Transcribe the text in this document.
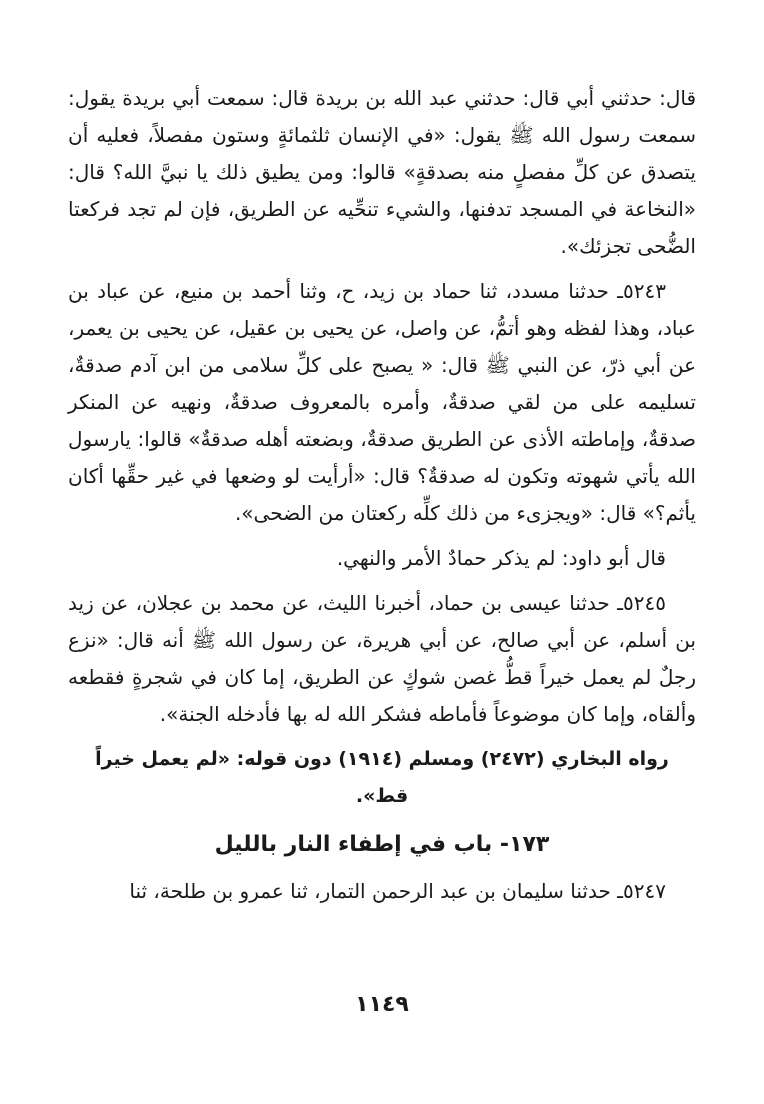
قال: حدثني أبي قال: حدثني عبد الله بن بريدة قال: سمعت أبي بريدة يقول: سمعت رسول الله ﷺ يقول: «في الإنسان ثلثمائةٍ وستون مفصلاً، فعليه أن يتصدق عن كلِّ مفصلٍ منه بصدقةٍ» قالوا: ومن يطيق ذلك يا نبيَّ الله؟ قال: «النخاعة في المسجد تدفنها، والشيء تنحِّيه عن الطريق، فإن لم تجد فركعتا الضُّحى تجزئك».

٥٢٤٣ـ حدثنا مسدد، ثنا حماد بن زيد، ح، وثنا أحمد بن منيع، عن عباد بن عباد، وهذا لفظه وهو أتمُّ، عن واصل، عن يحيى بن عقيل، عن يحيى بن يعمر، عن أبي ذرّ، عن النبي ﷺ قال: « يصبح على كلِّ سلامى من ابن آدم صدقةٌ، تسليمه على من لقي صدقةٌ، وأمره بالمعروف صدقةٌ، ونهيه عن المنكر صدقةٌ، وإماطته الأذى عن الطريق صدقةٌ، وبضعته أهله صدقةٌ» قالوا: يارسول الله يأتي شهوته وتكون له صدقةٌ؟ قال: «أرأيت لو وضعها في غير حقِّها أكان يأثم؟» قال: «ويجزىء من ذلك كلِّه ركعتان من الضحى».

قال أبو داود: لم يذكر حمادٌ الأمر والنهي.

٥٢٤٥ـ حدثنا عيسى بن حماد، أخبرنا الليث، عن محمد بن عجلان، عن زيد بن أسلم، عن أبي صالح، عن أبي هريرة، عن رسول الله ﷺ أنه قال: «نزع رجلٌ لم يعمل خيراً قطُّ غصن شوكٍ عن الطريق، إما كان في شجرةٍ فقطعه وألقاه، وإما كان موضوعاً فأماطه فشكر الله له بها فأدخله الجنة».

رواه البخاري (٢٤٧٢) ومسلم (١٩١٤) دون قوله: «لم يعمل خيراً قط».

١٧٣- باب في إطفاء النار بالليل

٥٢٤٧ـ حدثنا سليمان بن عبد الرحمن التمار، ثنا عمرو بن طلحة، ثنا

١١٤٩
